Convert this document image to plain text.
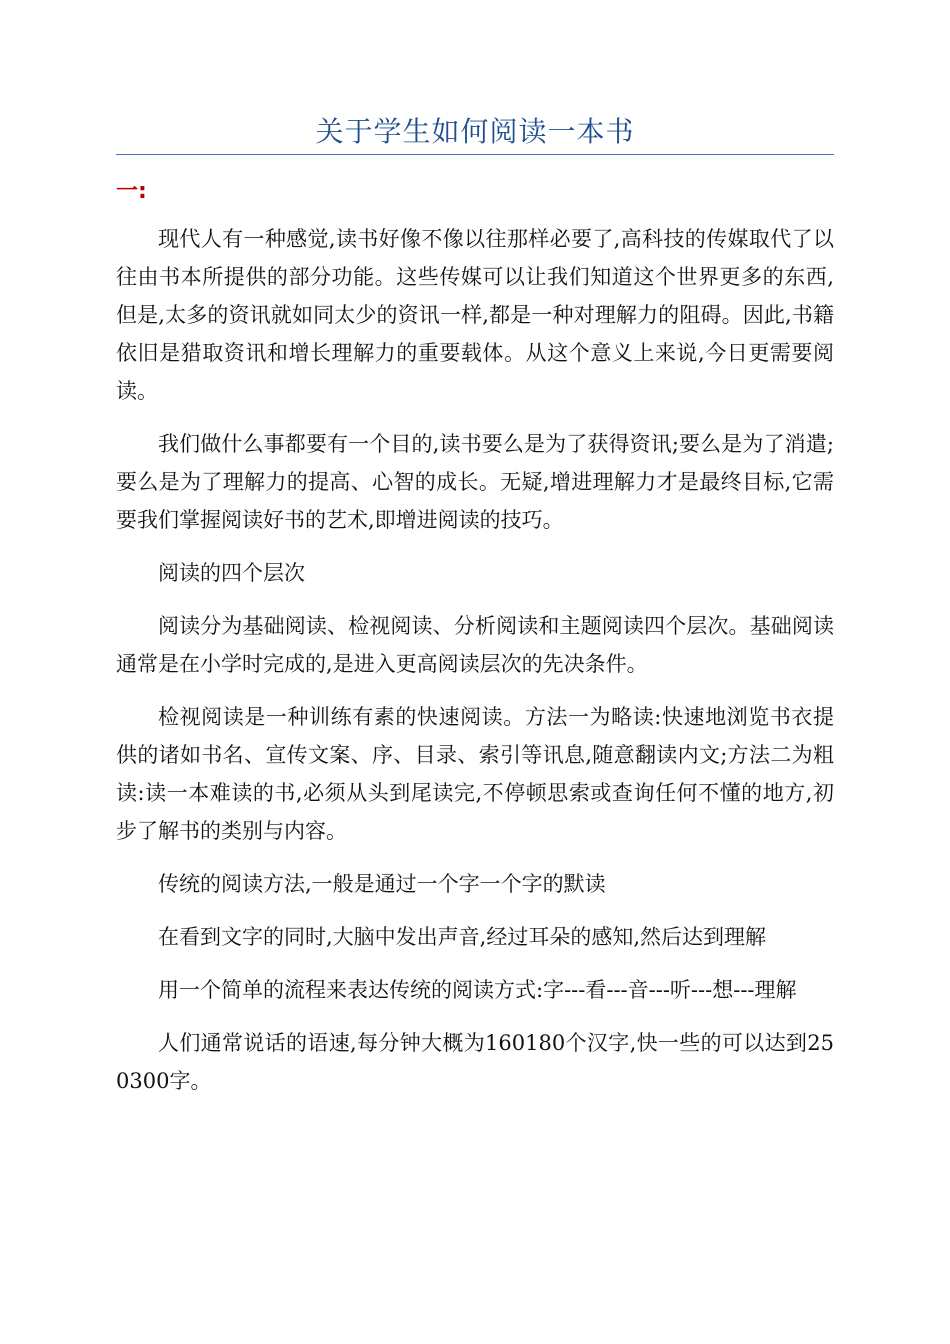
关于学生如何阅读一本书
一:

现代人有一种感觉,读书好像不像以往那样必要了,高科技的传媒取代了以往由书本所提供的部分功能。这些传媒可以让我们知道这个世界更多的东西,但是,太多的资讯就如同太少的资讯一样,都是一种对理解力的阻碍。因此,书籍依旧是猎取资讯和增长理解力的重要载体。从这个意义上来说,今日更需要阅读。

我们做什么事都要有一个目的,读书要么是为了获得资讯;要么是为了消遣;要么是为了理解力的提高、心智的成长。无疑,增进理解力才是最终目标,它需要我们掌握阅读好书的艺术,即增进阅读的技巧。

阅读的四个层次

阅读分为基础阅读、检视阅读、分析阅读和主题阅读四个层次。基础阅读通常是在小学时完成的,是进入更高阅读层次的先决条件。

检视阅读是一种训练有素的快速阅读。方法一为略读:快速地浏览书衣提供的诸如书名、宣传文案、序、目录、索引等讯息,随意翻读内文;方法二为粗读:读一本难读的书,必须从头到尾读完,不停顿思索或查询任何不懂的地方,初步了解书的类别与内容。

传统的阅读方法,一般是通过一个字一个字的默读

在看到文字的同时,大脑中发出声音,经过耳朵的感知,然后达到理解

用一个简单的流程来表达传统的阅读方式:字---看---音---听---想---理解

人们通常说话的语速,每分钟大概为160180个汉字,快一些的可以达到250300字。
